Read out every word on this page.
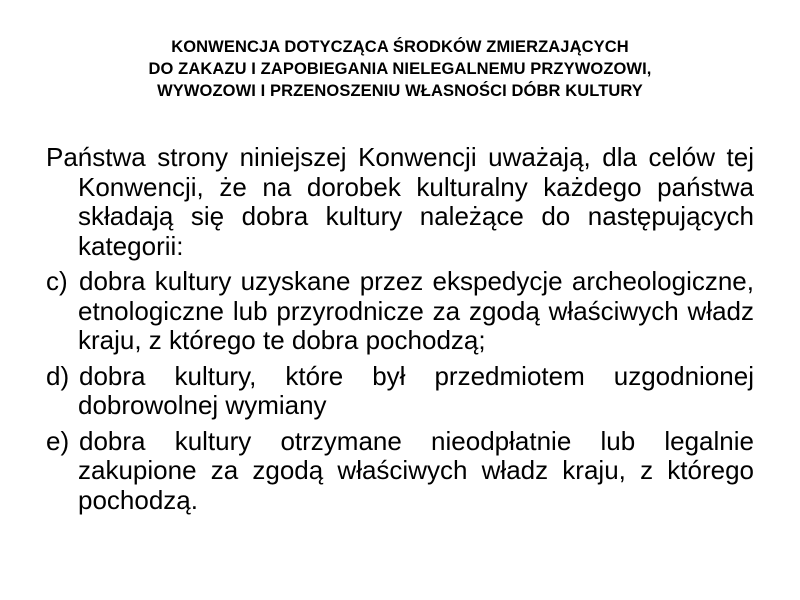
KONWENCJA DOTYCZĄCA ŚRODKÓW ZMIERZAJĄCYCH
DO ZAKAZU I ZAPOBIEGANIA NIELEGALNEMU PRZYWOZOWI,
WYWOZOWI I PRZENOSZENIU WŁASNOŚCI DÓBR KULTURY

Państwa strony niniejszej Konwencji uważają, dla celów tej Konwencji, że na dorobek kulturalny każdego państwa składają się dobra kultury należące do następujących kategorii:

c) dobra kultury uzyskane przez ekspedycje archeologiczne, etnologiczne lub przyrodnicze za zgodą właściwych władz kraju, z którego te dobra pochodzą;

d) dobra kultury, które był przedmiotem uzgodnionej dobrowolnej wymiany

e) dobra kultury otrzymane nieodpłatnie lub legalnie zakupione za zgodą właściwych władz kraju, z którego pochodzą.
